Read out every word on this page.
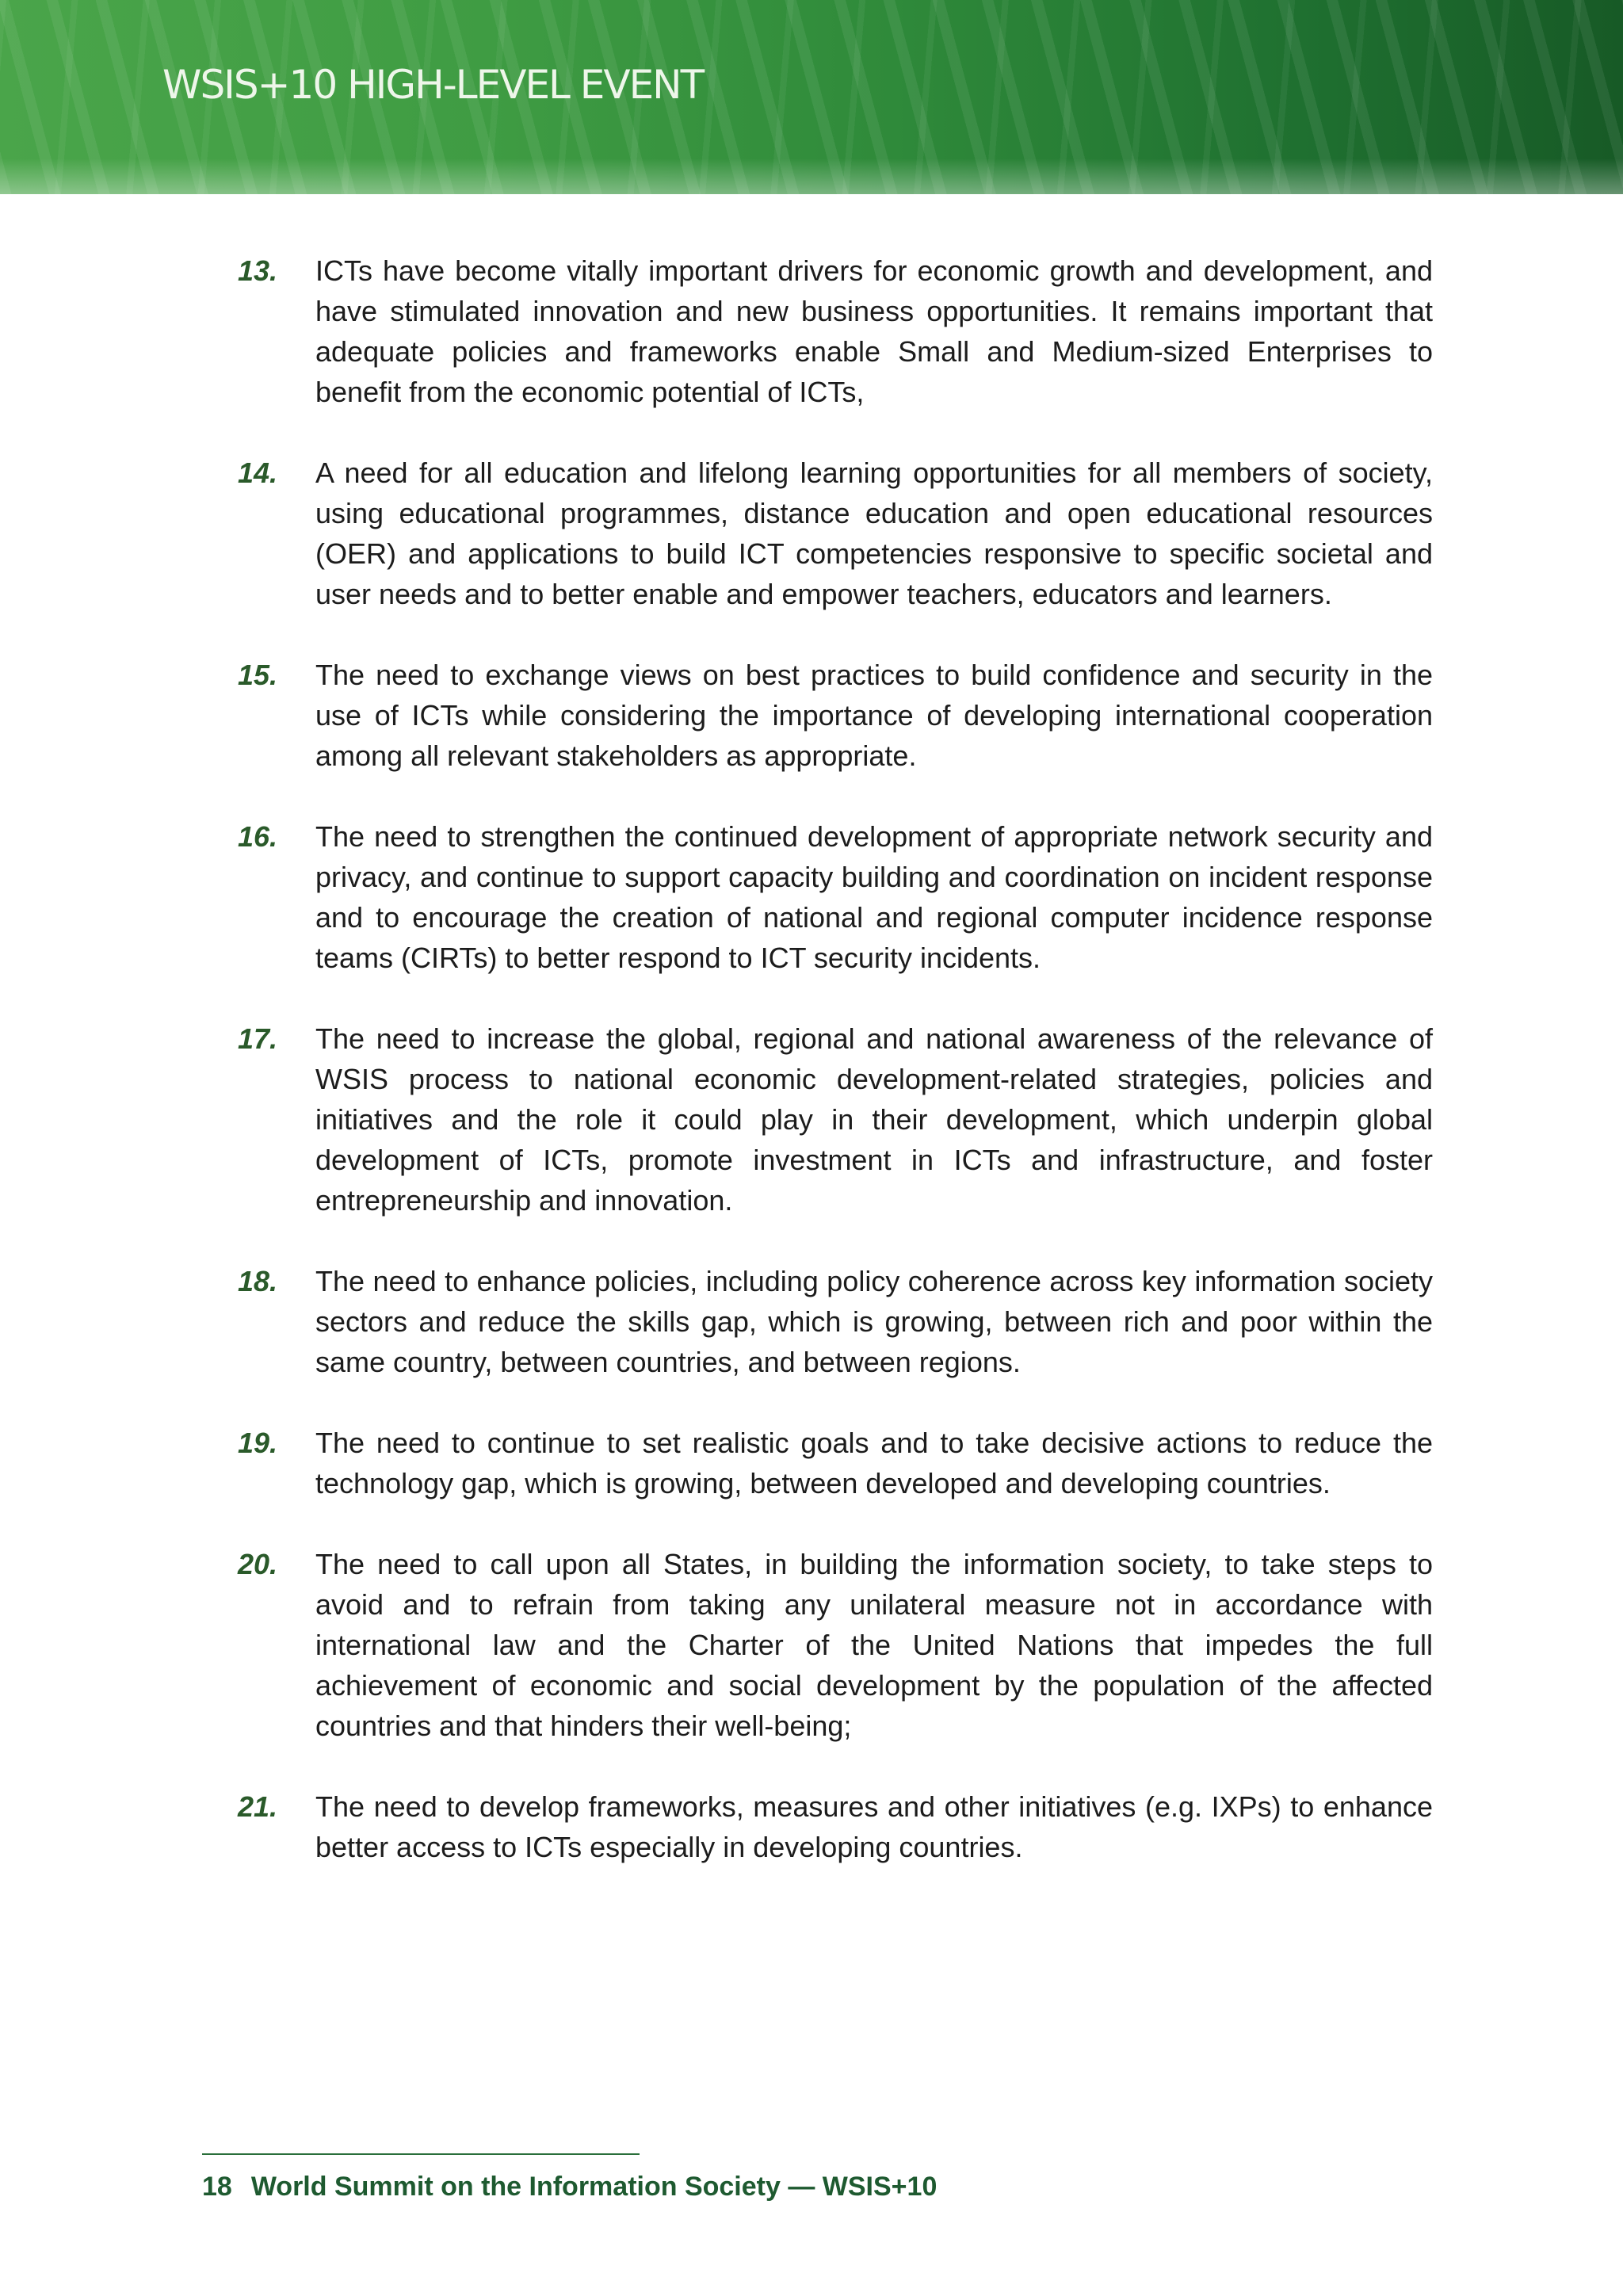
WSIS+10 HIGH-LEVEL EVENT
13. ICTs have become vitally important drivers for economic growth and development, and have stimulated innovation and new business opportunities. It remains important that adequate policies and frameworks enable Small and Medium-sized Enterprises to benefit from the economic potential of ICTs,

14. A need for all education and lifelong learning opportunities for all members of society, using educational programmes, distance education and open educational resources (OER) and applications to build ICT competencies responsive to specific societal and user needs and to better enable and empower teachers, educators and learners.

15. The need to exchange views on best practices to build confidence and security in the use of ICTs while considering the importance of developing international cooperation among all relevant stakeholders as appropriate.

16. The need to strengthen the continued development of appropriate network security and privacy, and continue to support capacity building and coordination on incident response and to encourage the creation of national and regional computer incidence response teams (CIRTs) to better respond to ICT security incidents.

17. The need to increase the global, regional and national awareness of the relevance of WSIS process to national economic development-related strategies, policies and initiatives and the role it could play in their development, which underpin global development of ICTs, promote investment in ICTs and infrastructure, and foster entrepreneurship and innovation.

18. The need to enhance policies, including policy coherence across key information society sectors and reduce the skills gap, which is growing, between rich and poor within the same country, between countries, and between regions.

19. The need to continue to set realistic goals and to take decisive actions to reduce the technology gap, which is growing, between developed and developing countries.

20. The need to call upon all States, in building the information society, to take steps to avoid and to refrain from taking any unilateral measure not in accordance with international law and the Charter of the United Nations that impedes the full achievement of economic and social development by the population of the affected countries and that hinders their well-being;

21. The need to develop frameworks, measures and other initiatives (e.g. IXPs) to enhance better access to ICTs especially in developing countries.

18 World Summit on the Information Society — WSIS+10
